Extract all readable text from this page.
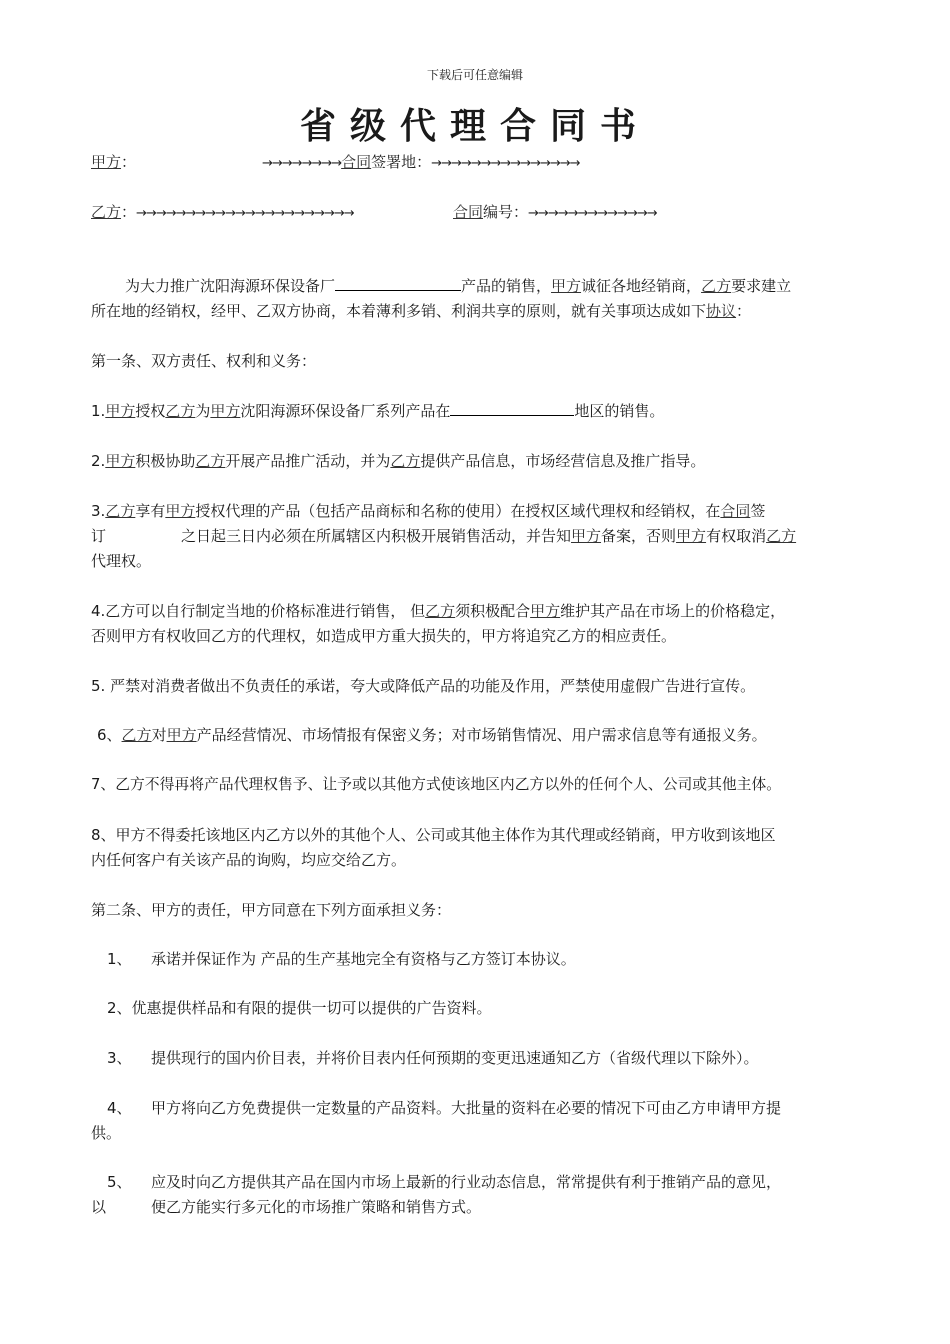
下载后可任意编辑
省级代理合同书
甲方：	→→→→→→→→合同签署地：→→→→→→→→→→→→→→→
乙方：→→→→→→→→→→→→→→→→→→→→→→	合同编号：→→→→→→→→→→→→→
为大力推广沈阳海源环保设备厂	产品的销售，甲方诚征各地经销商，乙方要求建立
所在地的经销权，经甲、乙双方协商，本着薄利多销、利润共享的原则，就有关事项达成如下协议：
第一条、双方责任、权利和义务：
1.甲方授权乙方为甲方沈阳海源环保设备厂系列产品在	地区的销售。
2.甲方积极协助乙方开展产品推广活动，并为乙方提供产品信息，市场经营信息及推广指导。
3.乙方享有甲方授权代理的产品（包括产品商标和名称的使用）在授权区域代理权和经销权，在合同签
订	之日起三日内必须在所属辖区内积极开展销售活动，并告知甲方备案，否则甲方有权取消乙方
代理权。
4.乙方可以自行制定当地的价格标准进行销售， 但乙方须积极配合甲方维护其产品在市场上的价格稳定，
否则甲方有权收回乙方的代理权，如造成甲方重大损失的，甲方将追究乙方的相应责任。
5. 严禁对消费者做出不负责任的承诺，夸大或降低产品的功能及作用，严禁使用虚假广告进行宣传。
6、乙方对甲方产品经营情况、市场情报有保密义务；对市场销售情况、用户需求信息等有通报义务。
7、乙方不得再将产品代理权售予、让予或以其他方式使该地区内乙方以外的任何个人、公司或其他主体。
8、甲方不得委托该地区内乙方以外的其他个人、公司或其他主体作为其代理或经销商，甲方收到该地区
内任何客户有关该产品的询购，均应交给乙方。
第二条、甲方的责任，甲方同意在下列方面承担义务：
1、 承诺并保证作为 产品的生产基地完全有资格与乙方签订本协议。
2、优惠提供样品和有限的提供一切可以提供的广告资料。
3、 提供现行的国内价目表，并将价目表内任何预期的变更迅速通知乙方（省级代理以下除外）。
4、 甲方将向乙方免费提供一定数量的产品资料。大批量的资料在必要的情况下可由乙方申请甲方提
供。
5、 应及时向乙方提供其产品在国内市场上最新的行业动态信息，常常提供有利于推销产品的意见，
以	便乙方能实行多元化的市场推广策略和销售方式。
